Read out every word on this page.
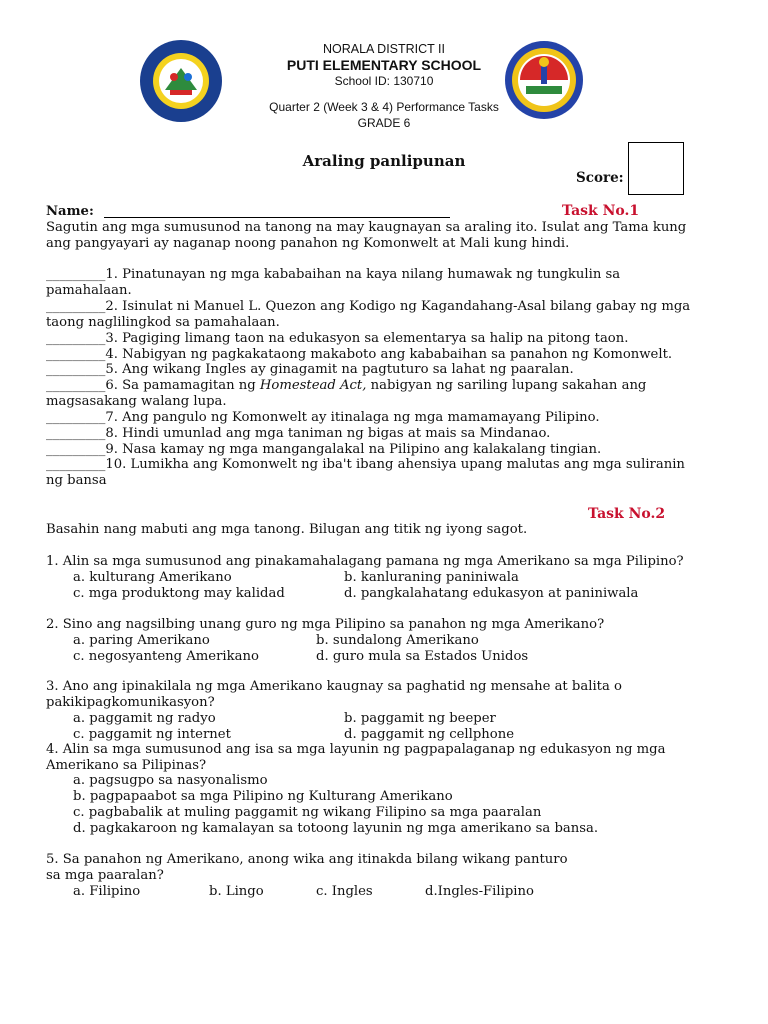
NORALA DISTRICT II
PUTI ELEMENTARY SCHOOL
School ID: 130710
Quarter 2 (Week 3 & 4) Performance Tasks
GRADE 6
Araling panlipunan
Score:
Name:	Task No.1
Sagutin ang mga sumusunod na tanong na may kaugnayan sa araling ito. Isulat ang Tama kung
ang pangyayari ay naganap noong panahon ng Komonwelt at Mali kung hindi.
_________1. Pinatunayan ng mga kababaihan na kaya nilang humawak ng tungkulin sa
pamahalaan.
_________2. Isinulat ni Manuel L. Quezon ang Kodigo ng Kagandahang-Asal bilang gabay ng mga
taong naglilingkod sa pamahalaan.
_________3. Pagiging limang taon na edukasyon sa elementarya sa halip na pitong taon.
_________4. Nabigyan ng pagkakataong makaboto ang kababaihan sa panahon ng Komonwelt.
_________5. Ang wikang Ingles ay ginagamit na pagtuturo sa lahat ng paaralan.
_________6. Sa pamamagitan ng Homestead Act, nabigyan ng sariling lupang sakahan ang
magsasakang walang lupa.
_________7. Ang pangulo ng Komonwelt ay itinalaga ng mga mamamayang Pilipino.
_________8. Hindi umunlad ang mga taniman ng bigas at mais sa Mindanao.
_________9. Nasa kamay ng mga mangangalakal na Pilipino ang kalakalang tingian.
_________10. Lumikha ang Komonwelt ng iba't ibang ahensiya upang malutas ang mga suliranin
ng bansa
Task No.2
Basahin nang mabuti ang mga tanong. Bilugan ang titik ng iyong sagot.
1. Alin sa mga sumusunod ang pinakamahalagang pamana ng mga Amerikano sa mga Pilipino?
a. kulturang Amerikano	b. kanluraning paniniwala
c. mga produktong may kalidad	d. pangkalahatang edukasyon at paniniwala
2. Sino ang nagsilbing unang guro ng mga Pilipino sa panahon ng mga Amerikano?
a. paring Amerikano	b. sundalong Amerikano
c. negosyanteng Amerikano	d. guro mula sa Estados Unidos
3. Ano ang ipinakilala ng mga Amerikano kaugnay sa paghatid ng mensahe at balita o
pakikipagkomunikasyon?
a. paggamit ng radyo	b. paggamit ng beeper
c. paggamit ng internet	d. paggamit ng cellphone
4. Alin sa mga sumusunod ang isa sa mga layunin ng pagpapalaganap ng edukasyon ng mga
Amerikano sa Pilipinas?
a. pagsugpo sa nasyonalismo
b. pagpapaabot sa mga Pilipino ng Kulturang Amerikano
c. pagbabalik at muling paggamit ng wikang Filipino sa mga paaralan
d. pagkakaroon ng kamalayan sa totoong layunin ng mga amerikano sa bansa.
5. Sa panahon ng Amerikano, anong wika ang itinakda bilang wikang panturo
sa mga paaralan?
a. Filipino	b. Lingo	c. Ingles	d.Ingles-Filipino
